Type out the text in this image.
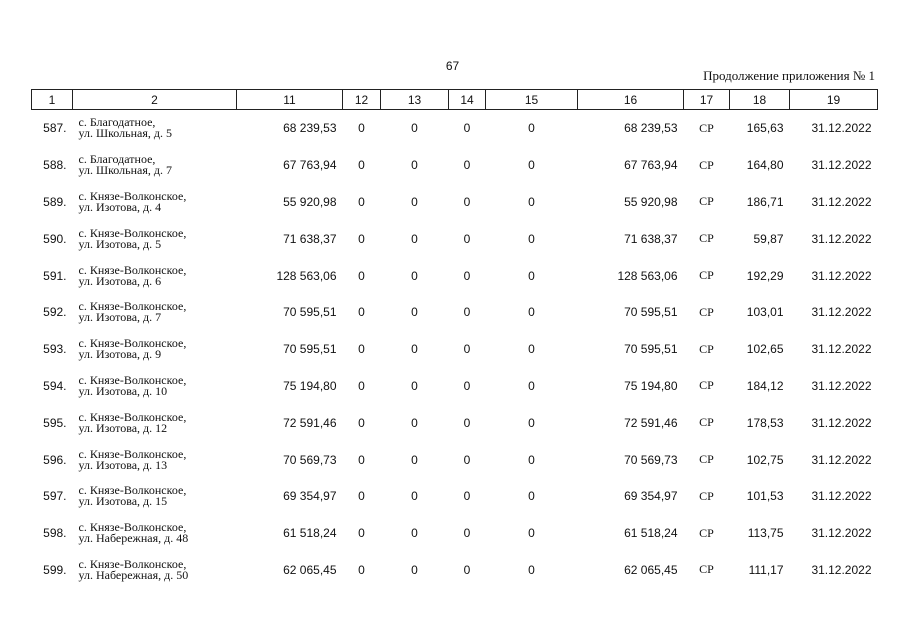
67
Продолжение приложения № 1
1	2	11	12	13	14	15	16	17	18	19
587.	с. Благодатное,
ул. Школьная, д. 5	68 239,53	0	0	0	0	68 239,53	СР	165,63	31.12.2022
588.	с. Благодатное,
ул. Школьная, д. 7	67 763,94	0	0	0	0	67 763,94	СР	164,80	31.12.2022
589.	с. Князе-Волконское,
ул. Изотова, д. 4	55 920,98	0	0	0	0	55 920,98	СР	186,71	31.12.2022
590.	с. Князе-Волконское,
ул. Изотова, д. 5	71 638,37	0	0	0	0	71 638,37	СР	59,87	31.12.2022
591.	с. Князе-Волконское,
ул. Изотова, д. 6	128 563,06	0	0	0	0	128 563,06	СР	192,29	31.12.2022
592.	с. Князе-Волконское,
ул. Изотова, д. 7	70 595,51	0	0	0	0	70 595,51	СР	103,01	31.12.2022
593.	с. Князе-Волконское,
ул. Изотова, д. 9	70 595,51	0	0	0	0	70 595,51	СР	102,65	31.12.2022
594.	с. Князе-Волконское,
ул. Изотова, д. 10	75 194,80	0	0	0	0	75 194,80	СР	184,12	31.12.2022
595.	с. Князе-Волконское,
ул. Изотова, д. 12	72 591,46	0	0	0	0	72 591,46	СР	178,53	31.12.2022
596.	с. Князе-Волконское,
ул. Изотова, д. 13	70 569,73	0	0	0	0	70 569,73	СР	102,75	31.12.2022
597.	с. Князе-Волконское,
ул. Изотова, д. 15	69 354,97	0	0	0	0	69 354,97	СР	101,53	31.12.2022
598.	с. Князе-Волконское,
ул. Набережная, д. 48	61 518,24	0	0	0	0	61 518,24	СР	113,75	31.12.2022
599.	с. Князе-Волконское,
ул. Набережная, д. 50	62 065,45	0	0	0	0	62 065,45	СР	111,17	31.12.2022
